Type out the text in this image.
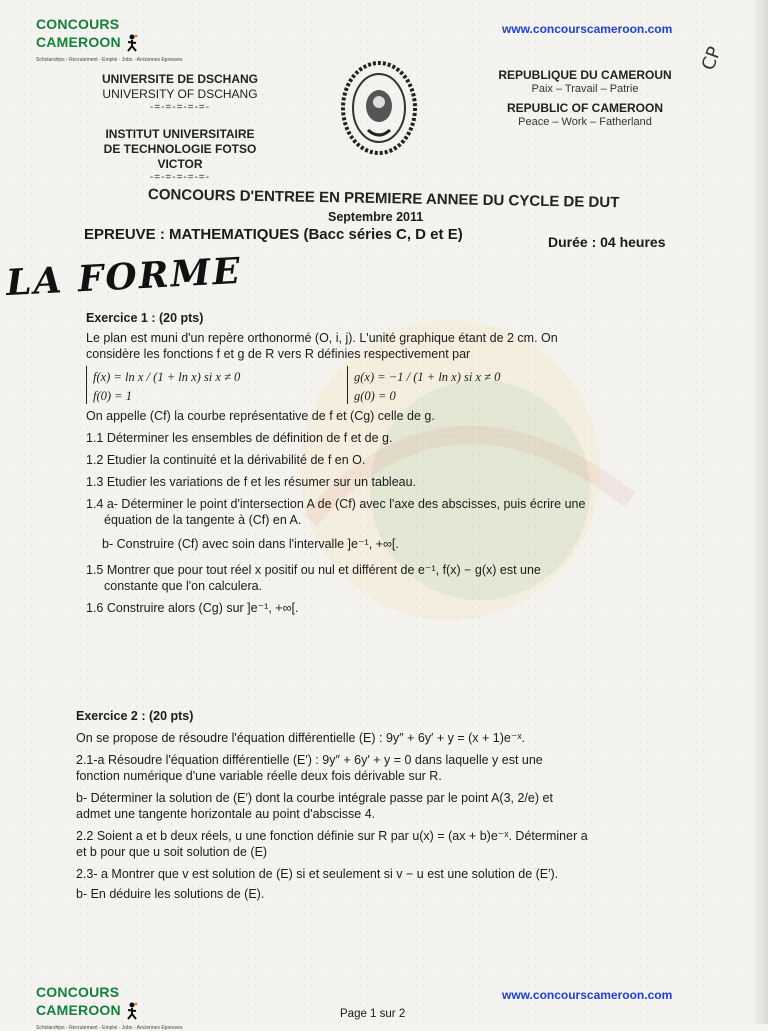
CONCOURS CAMEROON
Scholarships - Recrutement - Emploi - Jobs - Anciennes Epreuves
www.concourscameroon.com
CP
UNIVERSITE DE DSCHANG
UNIVERSITY OF DSCHANG
-=-=-=-=-=-
INSTITUT UNIVERSITAIRE
DE TECHNOLOGIE FOTSO VICTOR
-=-=-=-=-=-
REPUBLIQUE DU CAMEROUN
Paix – Travail – Patrie
REPUBLIC OF CAMEROON
Peace – Work – Fatherland
CONCOURS D'ENTREE EN PREMIERE ANNEE DU CYCLE DE DUT
Septembre 2011
EPREUVE : MATHEMATIQUES (Bacc séries C, D et E)	Durée : 04 heures
LA FORME
Exercice 1 : (20 pts)
Le plan est muni d'un repère orthonormé (O, i, j). L'unité graphique étant de 2 cm. On
considère les fonctions f et g de R vers R définies respectivement par
f(x) = ln x / (1 + ln x) si x ≠ 0
f(0) = 1
g(x) = −1 / (1 + ln x) si x ≠ 0
g(0) = 0
On appelle (Cf) la courbe représentative de f et (Cg) celle de g.
1.1 Déterminer les ensembles de définition de f et de g.
1.2 Etudier la continuité et la dérivabilité de f en O.
1.3 Etudier les variations de f et les résumer sur un tableau.
1.4 a- Déterminer le point d'intersection A de (Cf) avec l'axe des abscisses, puis écrire une
équation de la tangente à (Cf) en A.
b- Construire (Cf) avec soin dans l'intervalle ]e⁻¹, +∞[.
1.5 Montrer que pour tout réel x positif ou nul et différent de e⁻¹, f(x) − g(x) est une
constante que l'on calculera.
1.6 Construire alors (Cg) sur ]e⁻¹, +∞[.
Exercice 2 : (20 pts)
On se propose de résoudre l'équation différentielle (E) : 9y″ + 6y′ + y = (x + 1)e⁻ˣ.
2.1-a Résoudre l'équation différentielle (E′) : 9y″ + 6y′ + y = 0 dans laquelle y est une
fonction numérique d'une variable réelle deux fois dérivable sur R.
b- Déterminer la solution de (E′) dont la courbe intégrale passe par le point A(3, 2/e) et
admet une tangente horizontale au point d'abscisse 4.
2.2 Soient a et b deux réels, u une fonction définie sur R par u(x) = (ax + b)e⁻ˣ. Déterminer a
et b pour que u soit solution de (E)
2.3- a Montrer que v est solution de (E) si et seulement si v − u est une solution de (E′).
b- En déduire les solutions de (E).
CONCOURS CAMEROON
Scholarships - Recrutement - Emploi - Jobs - Anciennes Epreuves
www.concourscameroon.com
Page 1 sur 2
